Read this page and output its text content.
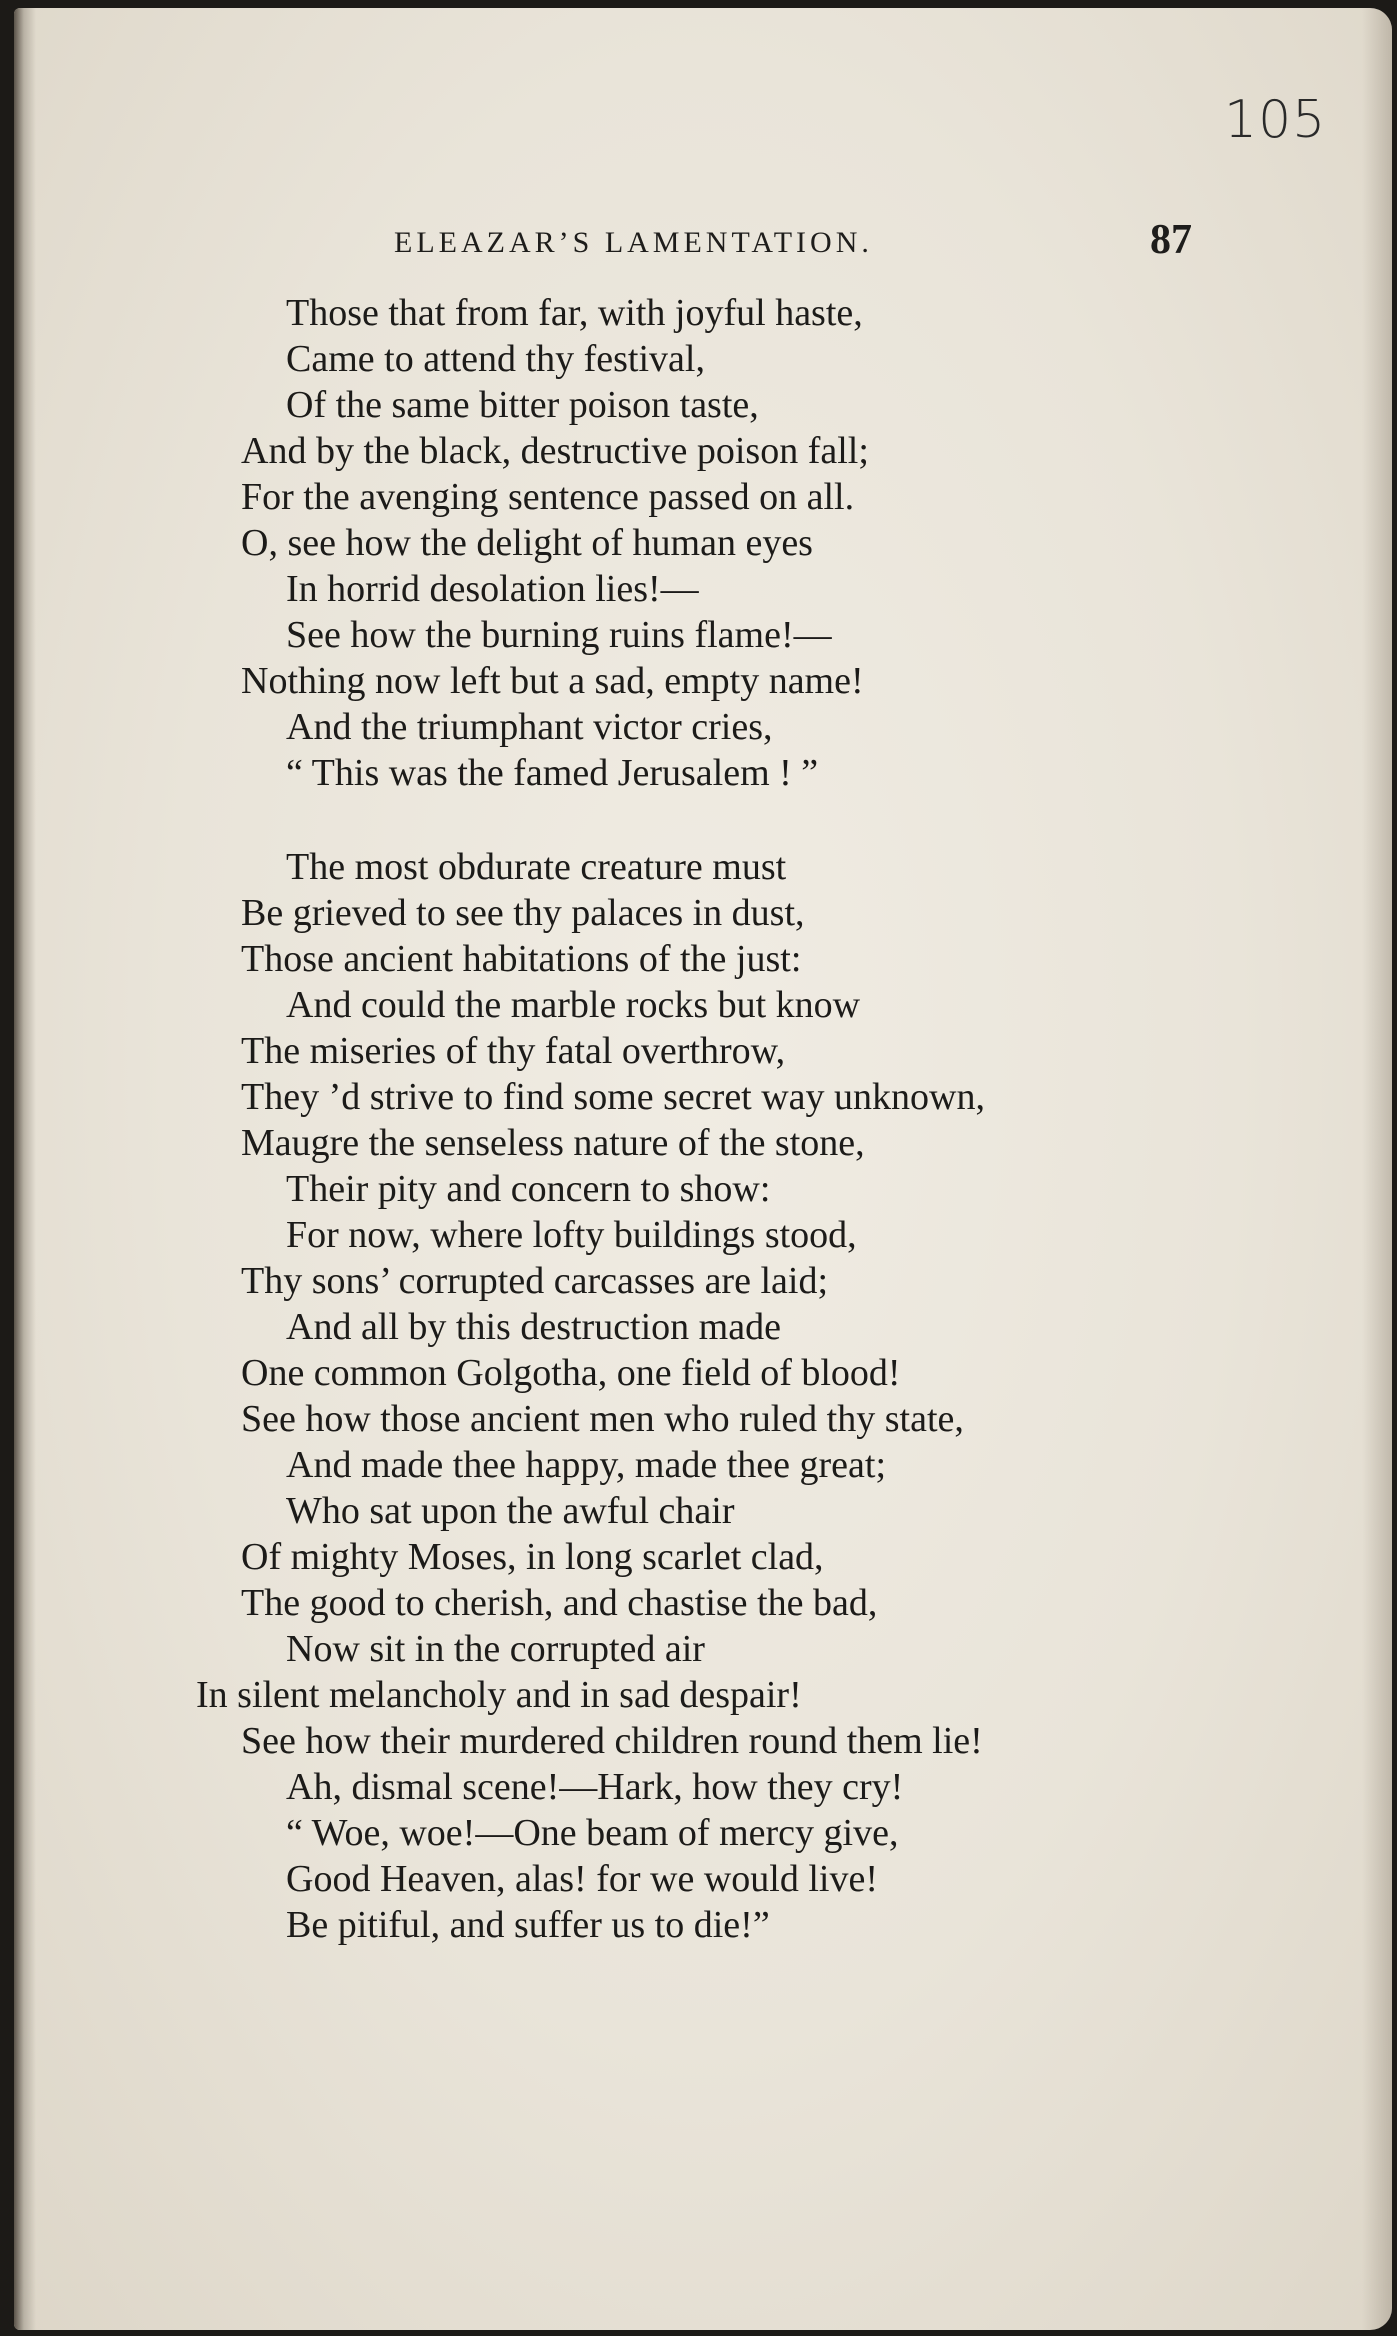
105
ELEAZAR’S LAMENTATION.	87
Those that from far, with joyful haste,
Came to attend thy festival,
Of the same bitter poison taste,
And by the black, destructive poison fall;
For the avenging sentence passed on all.
O, see how the delight of human eyes
In horrid desolation lies!—
See how the burning ruins flame!—
Nothing now left but a sad, empty name!
And the triumphant victor cries,
“ This was the famed Jerusalem ! ”
The most obdurate creature must
Be grieved to see thy palaces in dust,
Those ancient habitations of the just:
And could the marble rocks but know
The miseries of thy fatal overthrow,
They ’d strive to find some secret way unknown,
Maugre the senseless nature of the stone,
Their pity and concern to show:
For now, where lofty buildings stood,
Thy sons’ corrupted carcasses are laid;
And all by this destruction made
One common Golgotha, one field of blood!
See how those ancient men who ruled thy state,
And made thee happy, made thee great;
Who sat upon the awful chair
Of mighty Moses, in long scarlet clad,
The good to cherish, and chastise the bad,
Now sit in the corrupted air
In silent melancholy and in sad despair!
See how their murdered children round them lie!
Ah, dismal scene!—Hark, how they cry!
“ Woe, woe!—One beam of mercy give,
Good Heaven, alas! for we would live!
Be pitiful, and suffer us to die!”
